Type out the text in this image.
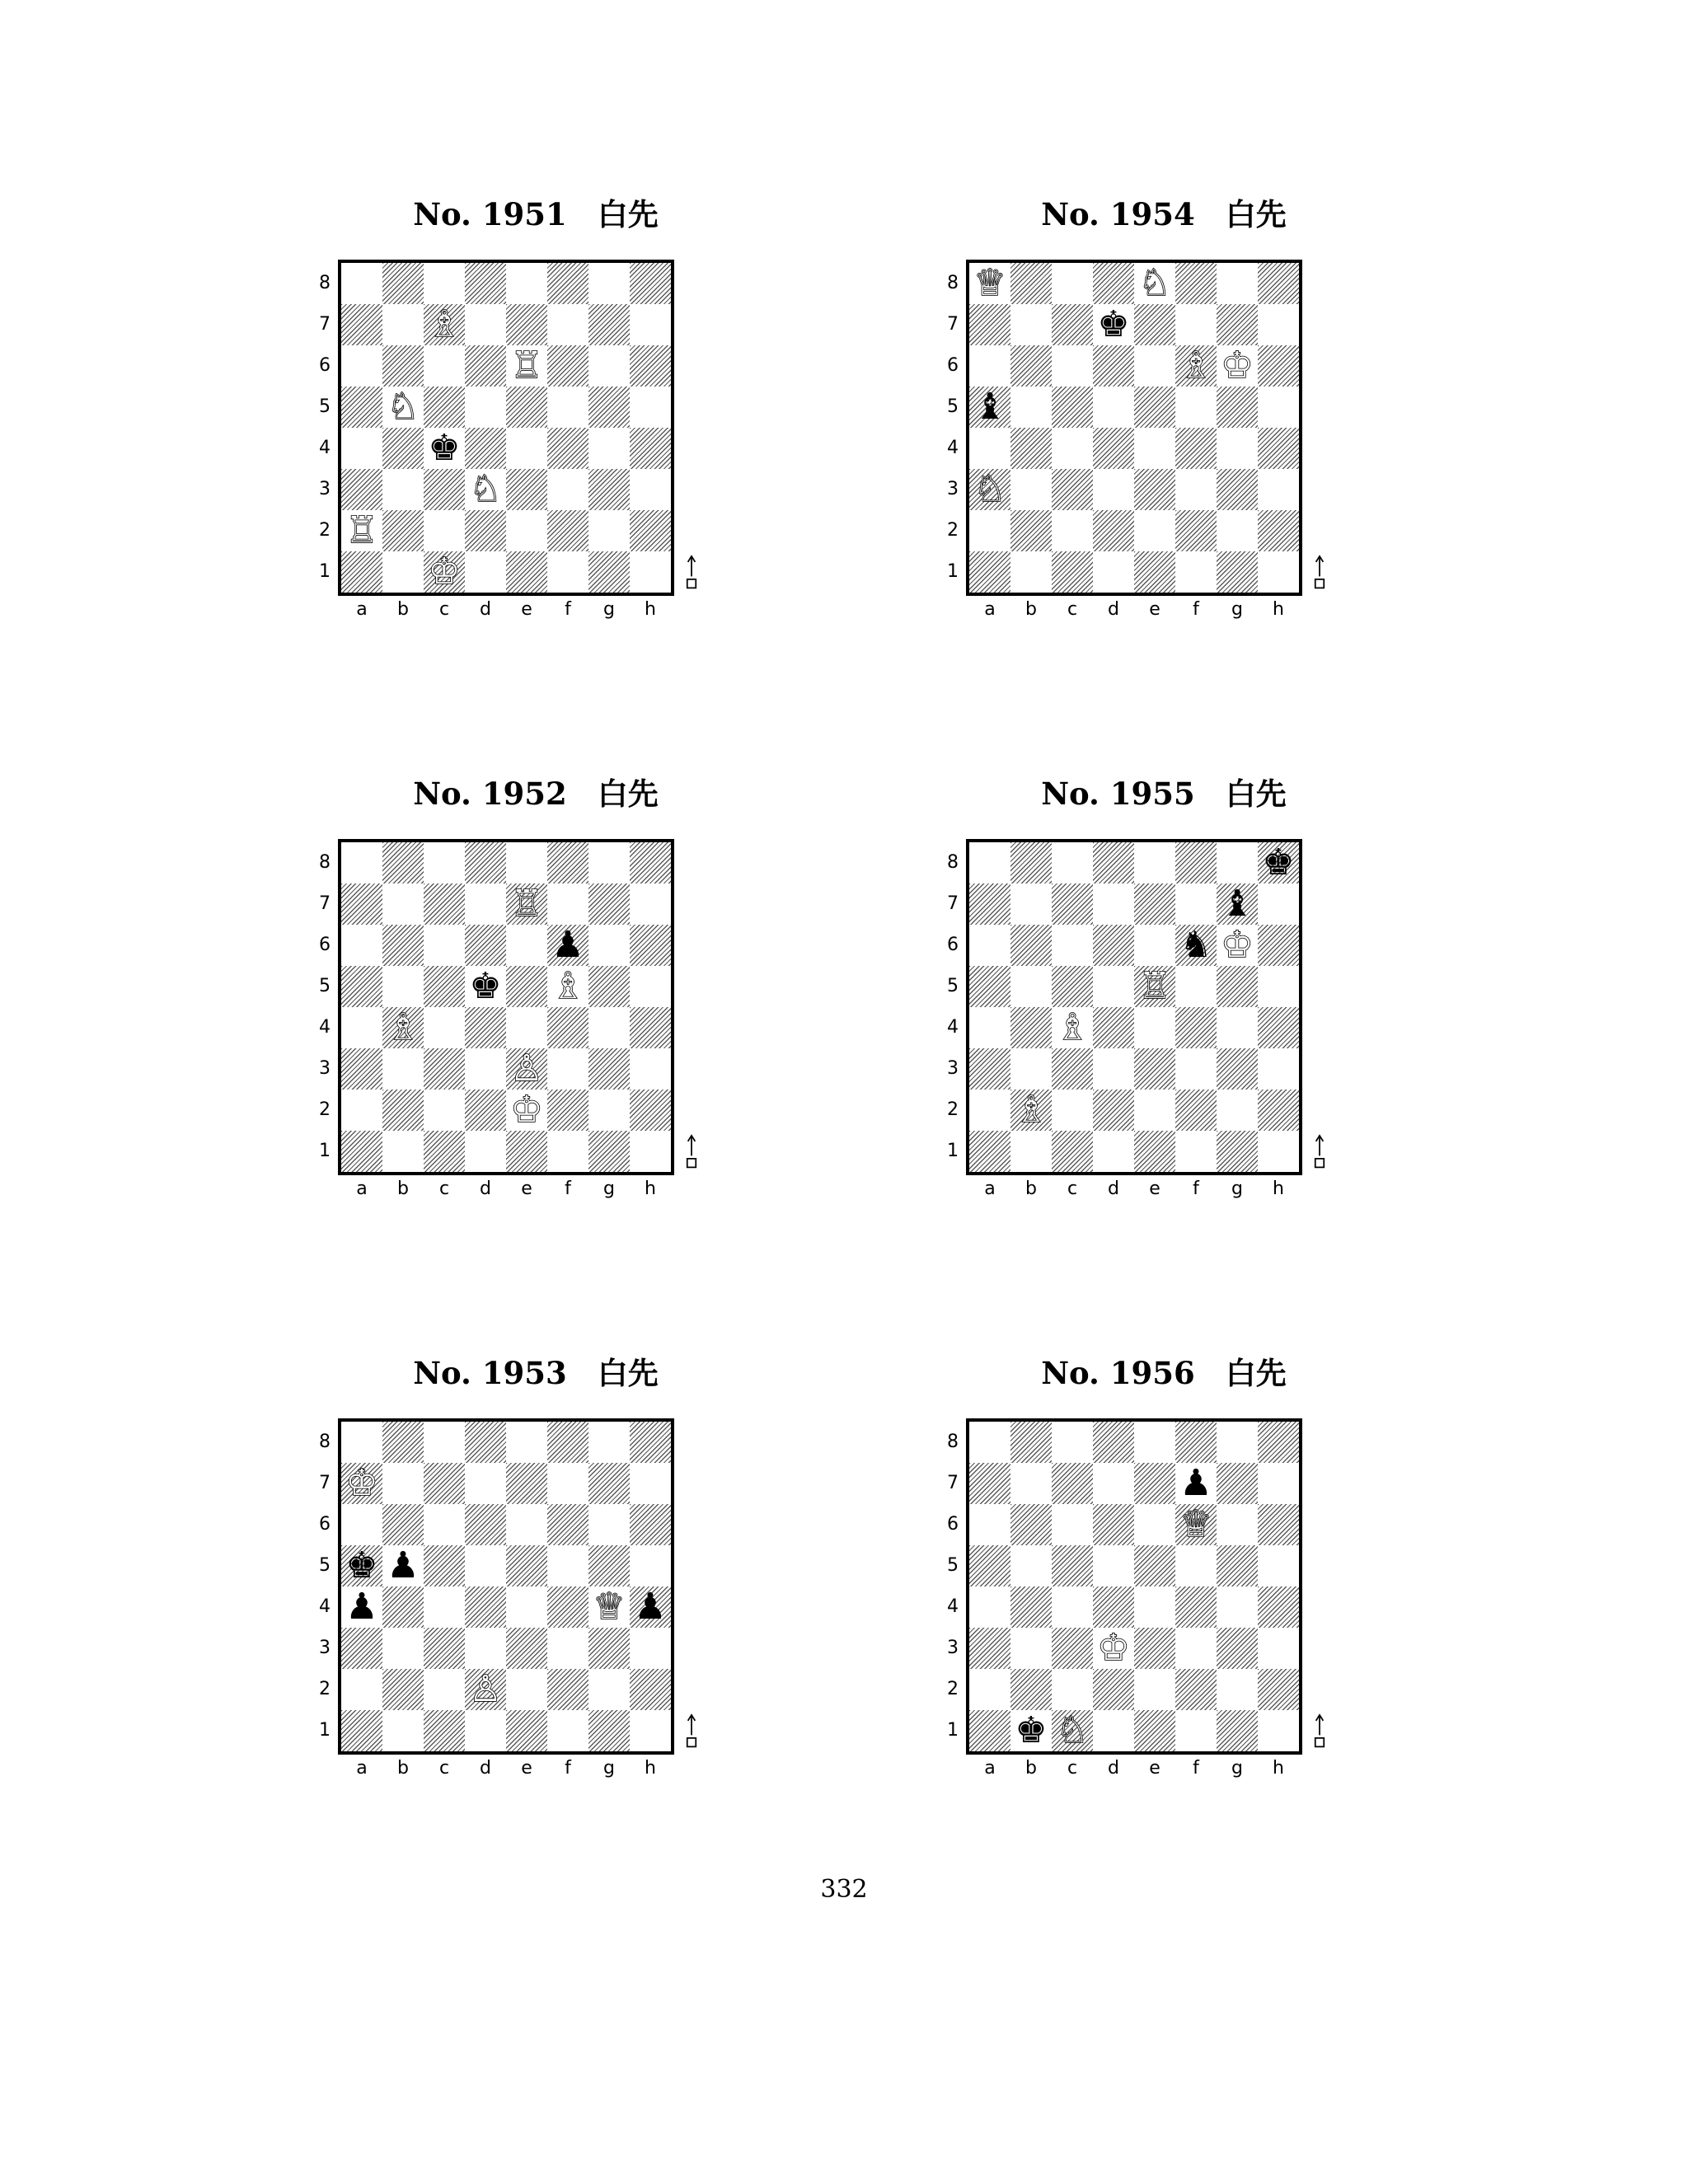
No. 1951　白先
♗
♖
♘
♚
♘
♖
♔
8
7
6
5
4
3
2
1
a	b	c	d	e	f	g	h
No. 1952　白先
♖
♟
♚ ♗
♗
♙
♔
8
7
6
5
4
3
2
1
a	b	c	d	e	f	g	h
No. 1953　白先
♔
♚ ♟
♟	♕ ♟
♙
8
7
6
5
4
3
2
1
a	b	c	d	e	f	g	h
No. 1954　白先
♕	♘
♚
♗ ♔
♝
♘
8
7
6
5
4
3
2
1
a	b	c	d	e	f	g	h
No. 1955　白先
♚
♝
♞ ♔
♖
♗
♗
8
7
6
5
4
3
2
1
a	b	c	d	e	f	g	h
No. 1956　白先
♟
♕
♔
♚ ♘
8
7
6
5
4
3
2
1
a	b	c	d	e	f	g	h
332
